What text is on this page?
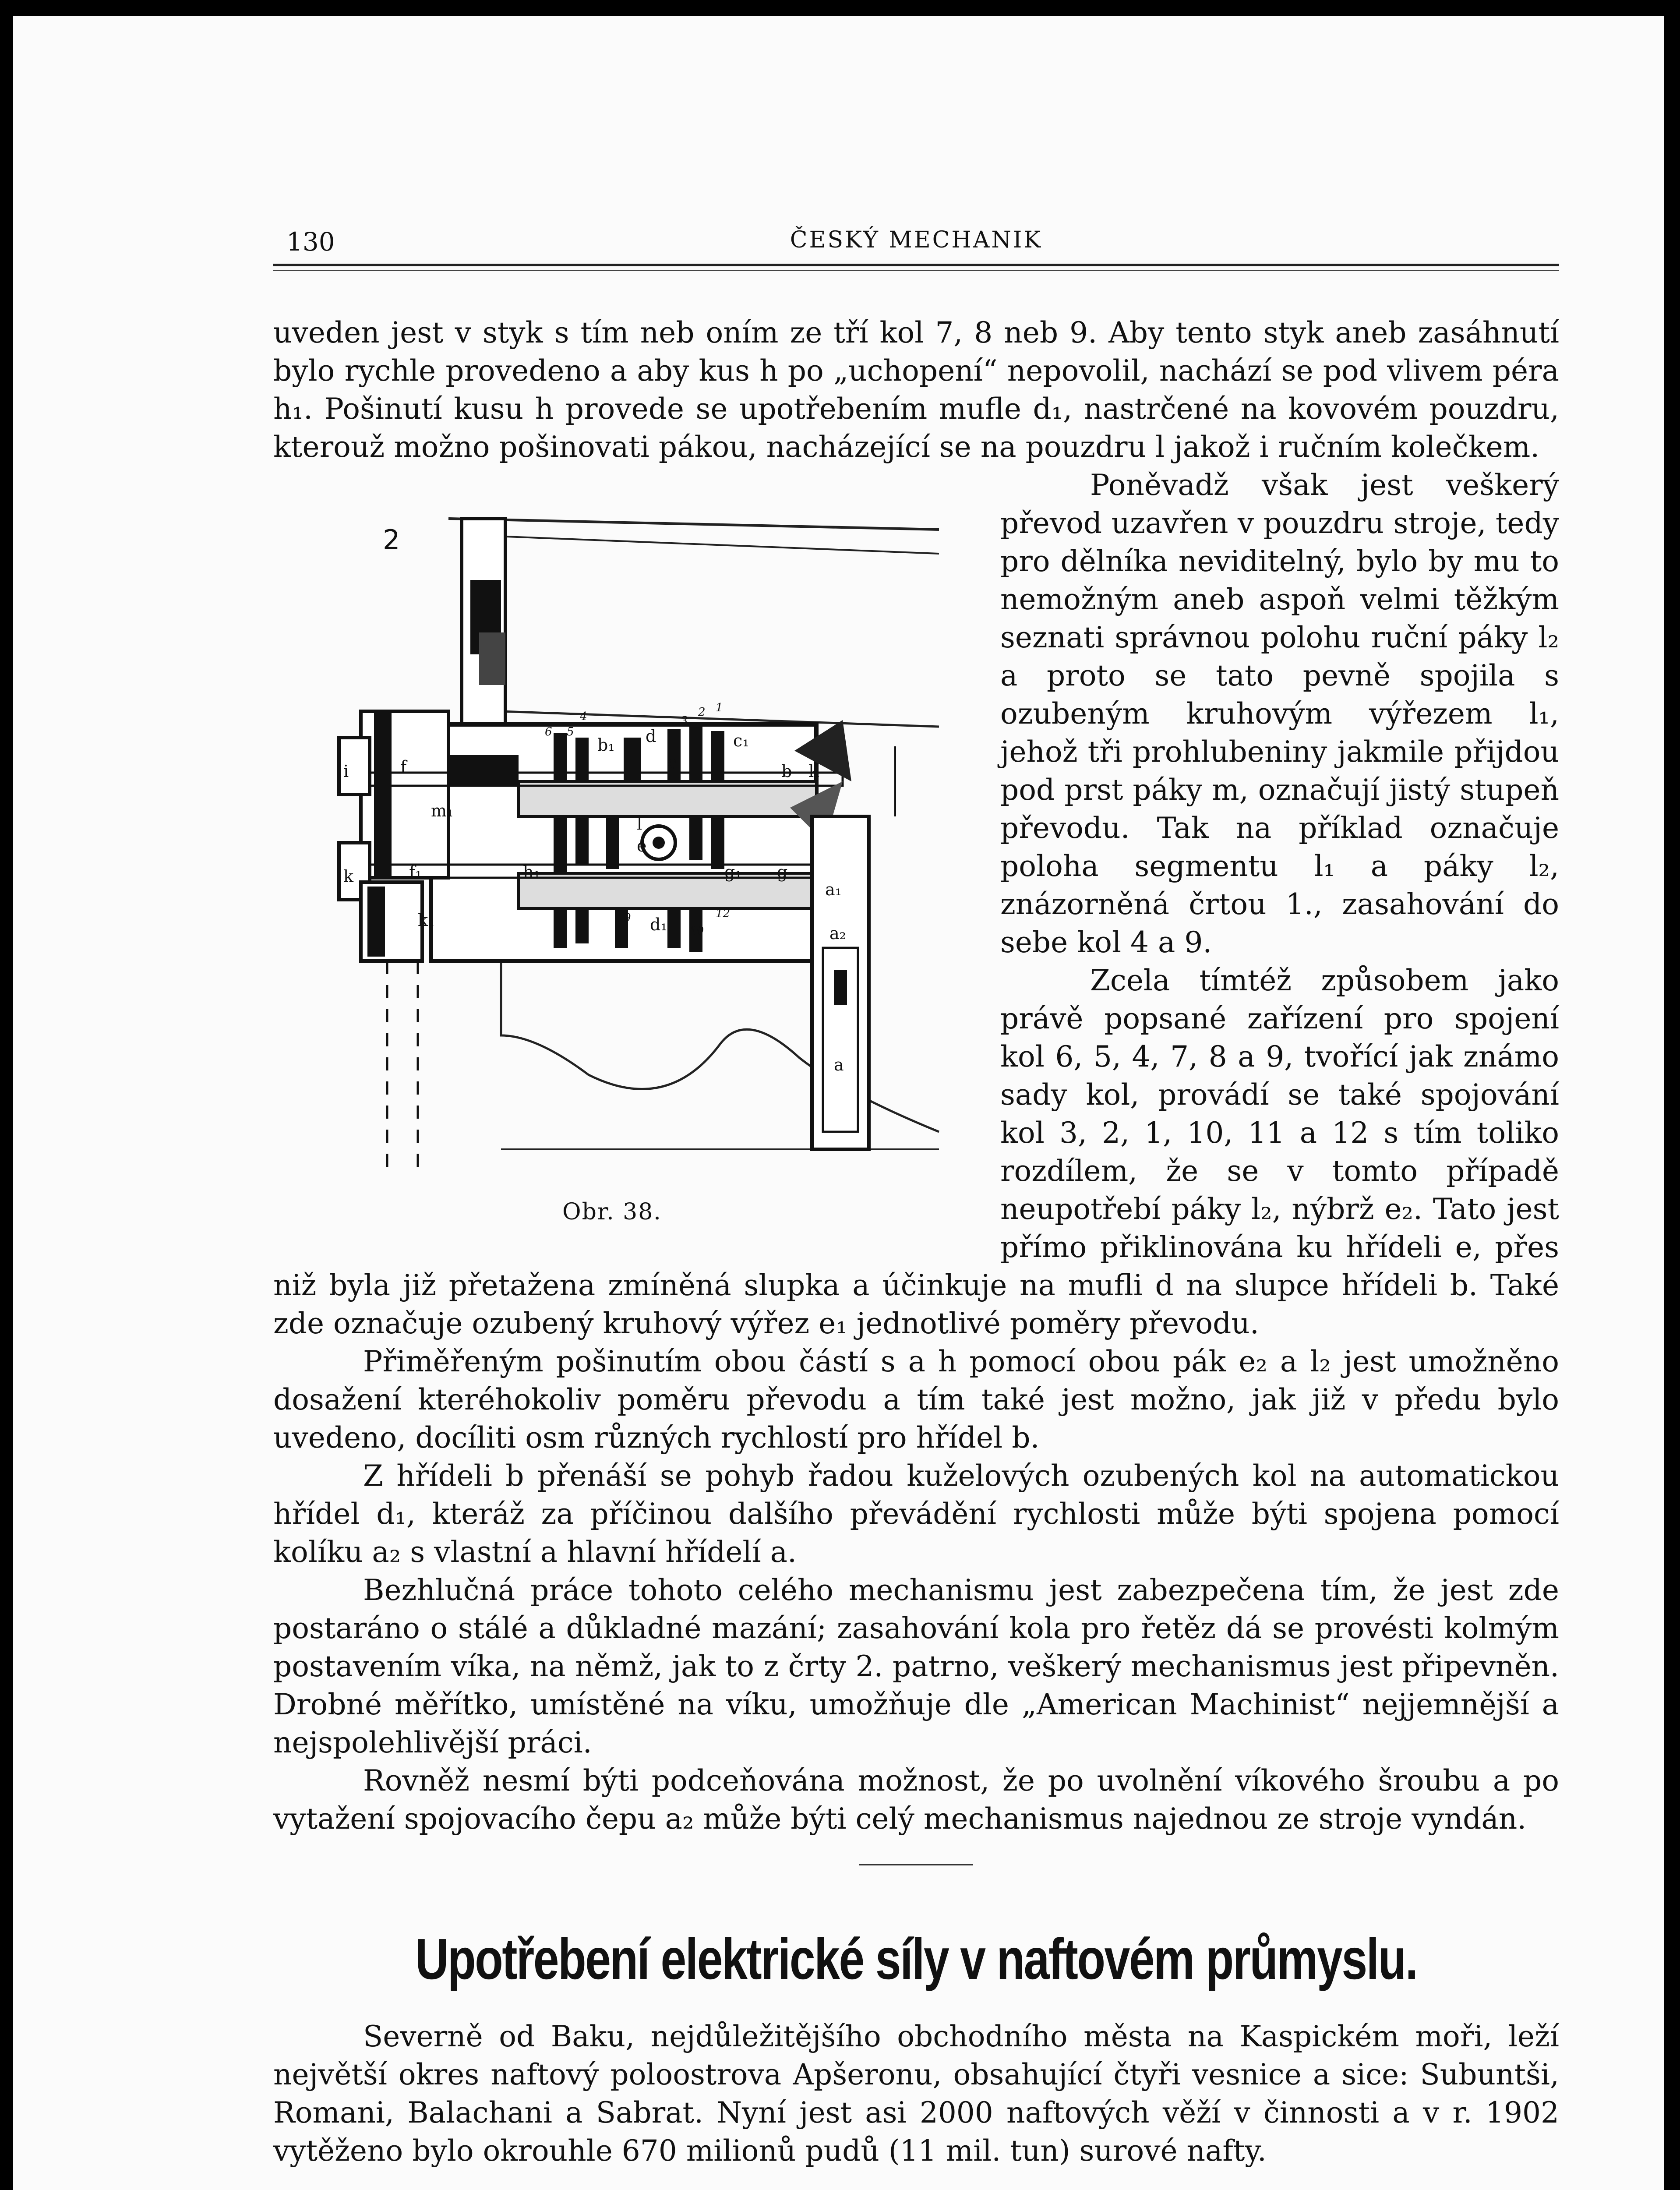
130	ČESKÝ MECHANIK

uveden jest v styk s tím neb oním ze tří kol 7, 8 neb 9. Aby tento styk aneb zasáhnutí bylo rychle provedeno a aby kus h po „uchopení“ nepovolil, nachází se pod vlivem péra h₁. Pošinutí kusu h provede se upotřebením mufle d₁, nastrčené na kovovém pouzdru, kterouž možno pošinovati pákou, nacházející se na pouzdru l jakož i ručním kolečkem.

2
i	f
k
k₁
m₁
f₁	h₁
b₁ d	c₁
c
e
l
b—k
g₁ g
d₁
a₁
a₂
a
6 5
4	3
2 1
9
10
12
Obr. 38.

Poněvadž však jest veškerý převod uzavřen v pouzdru stroje, tedy pro dělníka neviditelný, bylo by mu to nemožným aneb aspoň velmi těžkým seznati správnou polohu ruční páky l₂ a proto se tato pevně spojila s ozubeným kruhovým výřezem l₁, jehož tři prohlubeniny jakmile přijdou pod prst páky m, označují jistý stupeň převodu. Tak na příklad označuje poloha segmentu l₁ a páky l₂, znázorněná črtou 1., zasahování do sebe kol 4 a 9.

Zcela tímtéž způsobem jako právě popsané zařízení pro spojení kol 6, 5, 4, 7, 8 a 9, tvořící jak známo sady kol, provádí se také spojování kol 3, 2, 1, 10, 11 a 12 s tím toliko rozdílem, že se v tomto případě neupotřebí páky l₂, nýbrž e₂. Tato jest přímo přiklinována ku hřídeli e, přes niž byla již přetažena zmíněná slupka a účinkuje na mufli d na slupce hřídeli b. Také zde označuje ozubený kruhový výřez e₁ jednotlivé poměry převodu.

Přiměřeným pošinutím obou částí s a h pomocí obou pák e₂ a l₂ jest umožněno dosažení kteréhokoliv poměru převodu a tím také jest možno, jak již v předu bylo uvedeno, docíliti osm různých rychlostí pro hřídel b.

Z hřídeli b přenáší se pohyb řadou kuželových ozubených kol na automatickou hřídel d₁, kteráž za příčinou dalšího převádění rychlosti může býti spojena pomocí kolíku a₂ s vlastní a hlavní hřídelí a.

Bezhlučná práce tohoto celého mechanismu jest zabezpečena tím, že jest zde postaráno o stálé a důkladné mazání; zasahování kola pro řetěz dá se provésti kolmým postavením víka, na němž, jak to z črty 2. patrno, veškerý mechanismus jest připevněn. Drobné měřítko, umístěné na víku, umožňuje dle „American Machinist“ nejjemnější a nejspolehlivější práci.

Rovněž nesmí býti podceňována možnost, že po uvolnění víkového šroubu a po vytažení spojovacího čepu a₂ může býti celý mechanismus najednou ze stroje vyndán.

Upotřebení elektrické síly v naftovém průmyslu.

Severně od Baku, nejdůležitějšího obchodního města na Kaspickém moři, leží největší okres naftový poloostrova Apšeronu, obsahující čtyři vesnice a sice: Subuntši, Romani, Balachani a Sabrat. Nyní jest asi 2000 naftových věží v činnosti a v r. 1902 vytěženo bylo okrouhle 670 milionů pudů (11 mil. tun) surové nafty.
